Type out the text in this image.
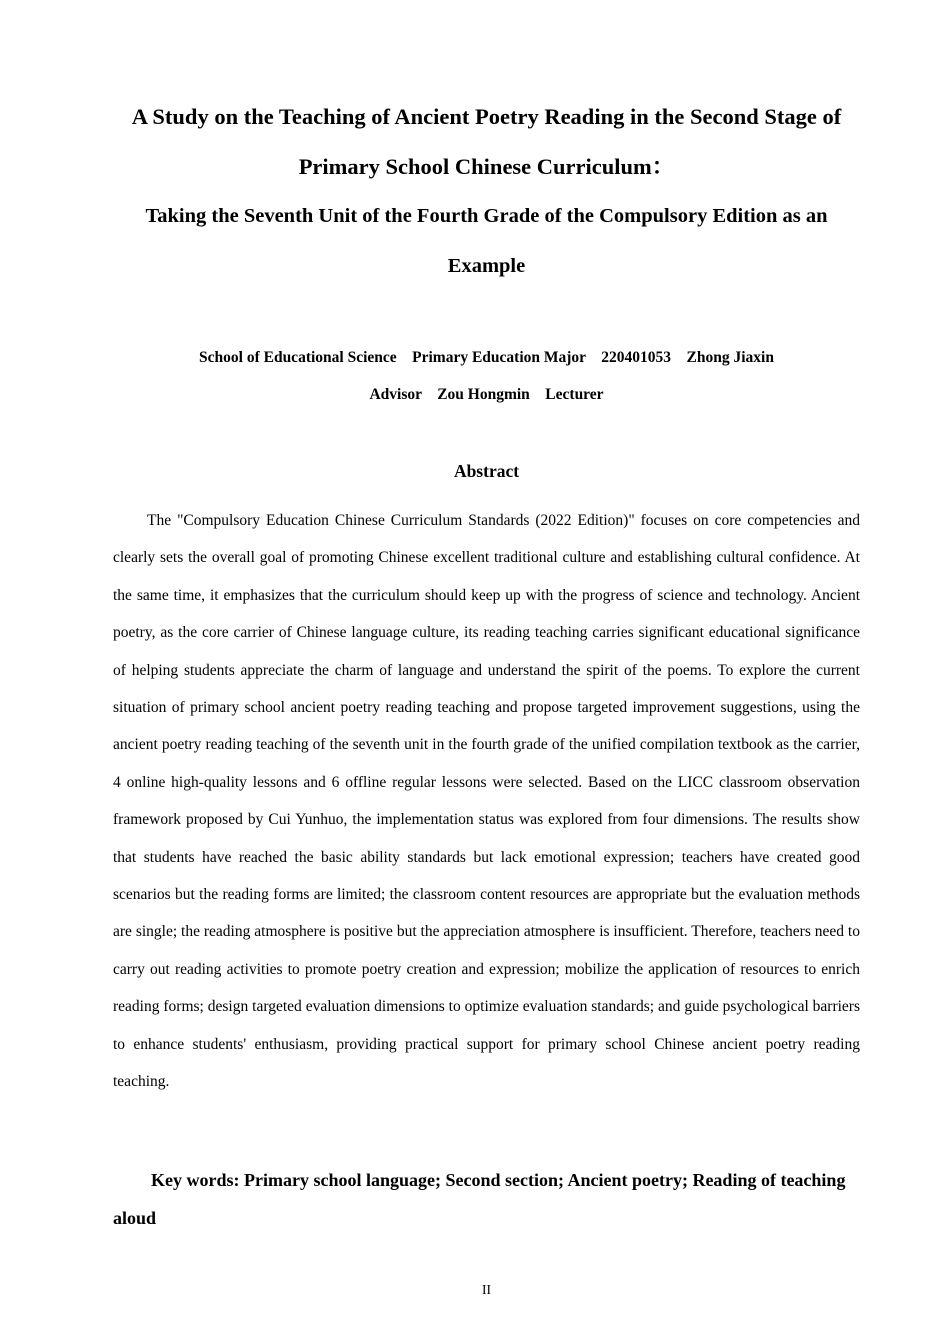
A Study on the Teaching of Ancient Poetry Reading in the Second Stage of Primary School Chinese Curriculum：
Taking the Seventh Unit of the Fourth Grade of the Compulsory Edition as an Example
School of Educational Science    Primary Education Major    220401053    Zhong Jiaxin
Advisor    Zou Hongmin    Lecturer
Abstract

The "Compulsory Education Chinese Curriculum Standards (2022 Edition)" focuses on core competencies and clearly sets the overall goal of promoting Chinese excellent traditional culture and establishing cultural confidence. At the same time, it emphasizes that the curriculum should keep up with the progress of science and technology. Ancient poetry, as the core carrier of Chinese language culture, its reading teaching carries significant educational significance of helping students appreciate the charm of language and understand the spirit of the poems. To explore the current situation of primary school ancient poetry reading teaching and propose targeted improvement suggestions, using the ancient poetry reading teaching of the seventh unit in the fourth grade of the unified compilation textbook as the carrier, 4 online high-quality lessons and 6 offline regular lessons were selected. Based on the LICC classroom observation framework proposed by Cui Yunhuo, the implementation status was explored from four dimensions. The results show that students have reached the basic ability standards but lack emotional expression; teachers have created good scenarios but the reading forms are limited; the classroom content resources are appropriate but the evaluation methods are single; the reading atmosphere is positive but the appreciation atmosphere is insufficient. Therefore, teachers need to carry out reading activities to promote poetry creation and expression; mobilize the application of resources to enrich reading forms; design targeted evaluation dimensions to optimize evaluation standards; and guide psychological barriers to enhance students' enthusiasm, providing practical support for primary school Chinese ancient poetry reading teaching.

Key words: Primary school language; Second section; Ancient poetry; Reading of teaching aloud

II
